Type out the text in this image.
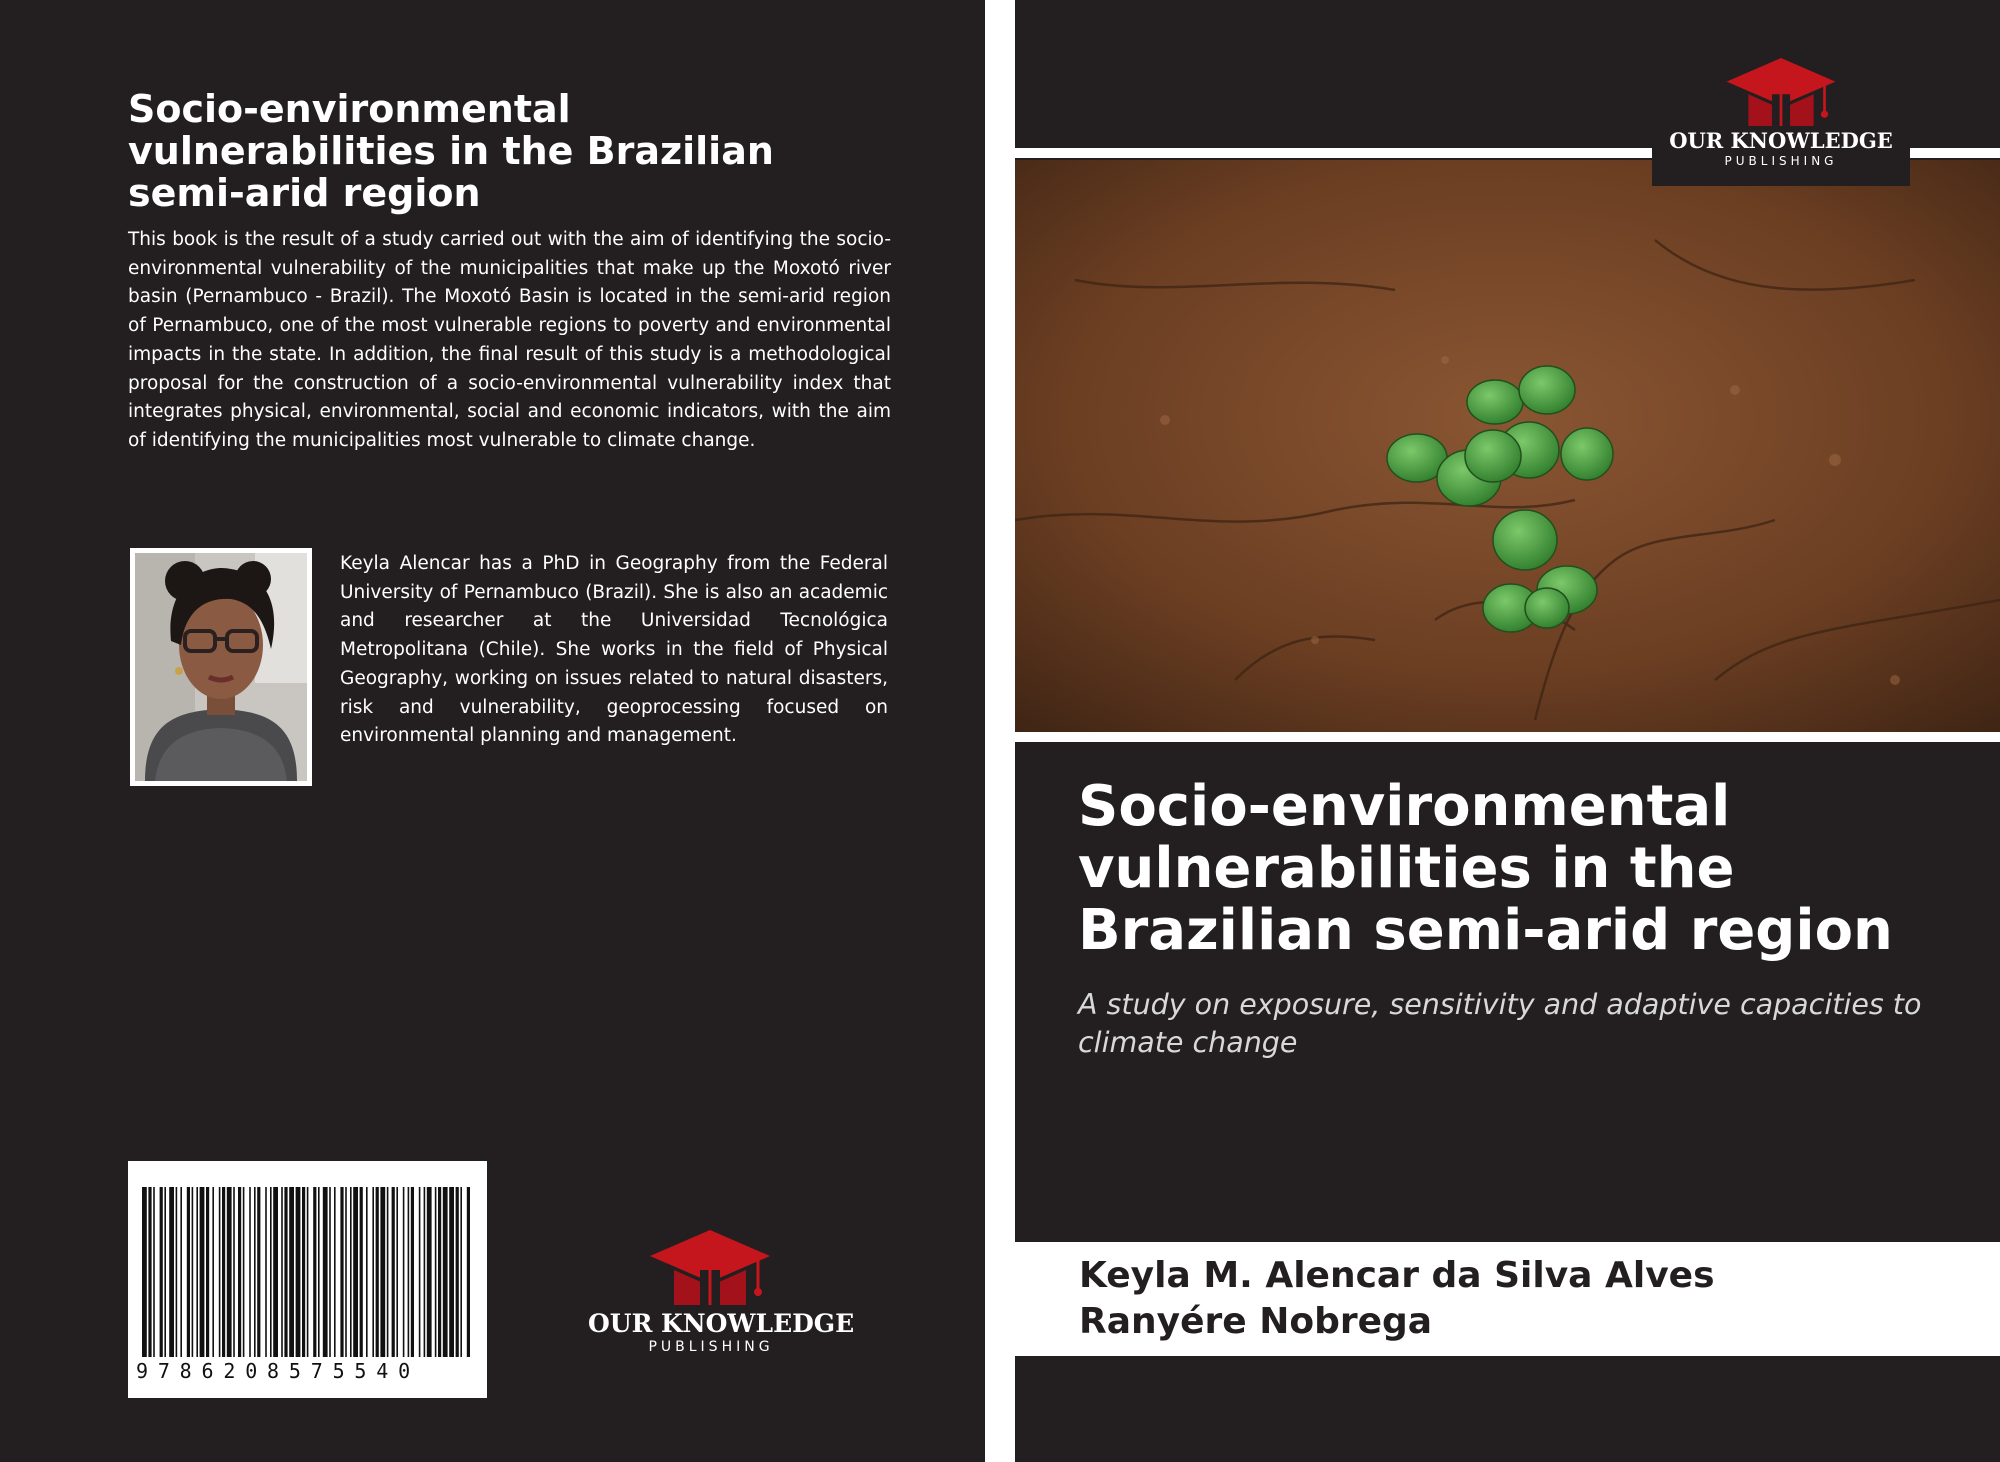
Socio-environmental vulnerabilities in the Brazilian semi-arid region

This book is the result of a study carried out with the aim of identifying the socio-environmental vulnerability of the municipalities that make up the Moxotó river basin (Pernambuco - Brazil). The Moxotó Basin is located in the semi-arid region of Pernambuco, one of the most vulnerable regions to poverty and environmental impacts in the state. In addition, the final result of this study is a methodological proposal for the construction of a socio-environmental vulnerability index that integrates physical, environmental, social and economic indicators, with the aim of identifying the municipalities most vulnerable to climate change.

Keyla Alencar has a PhD in Geography from the Federal University of Pernambuco (Brazil). She is also an academic and researcher at the Universidad Tecnológica Metropolitana (Chile). She works in the field of Physical Geography, working on issues related to natural disasters, risk and vulnerability, geoprocessing focused on environmental planning and management.

9786208575540
OUR KNOWLEDGE
PUBLISHING
OUR KNOWLEDGE
PUBLISHING
Socio-environmental vulnerabilities in the Brazilian semi-arid region

A study on exposure, sensitivity and adaptive capacities to climate change

Keyla M. Alencar da Silva Alves
Ranyére Nobrega
